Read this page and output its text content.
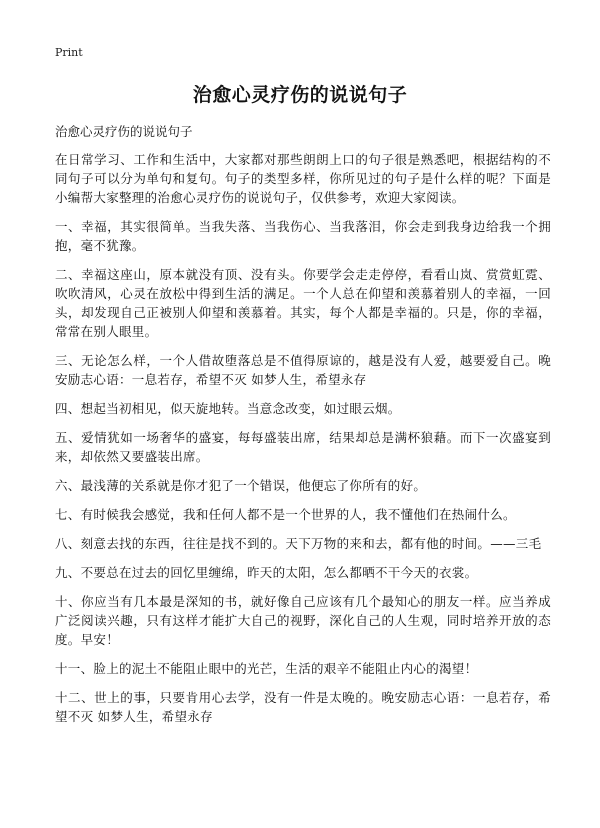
Print
治愈心灵疗伤的说说句子

治愈心灵疗伤的说说句子

在日常学习、工作和生活中，大家都对那些朗朗上口的句子很是熟悉吧，根据结构的不同句子可以分为单句和复句。句子的类型多样，你所见过的句子是什么样的呢？下面是小编帮大家整理的治愈心灵疗伤的说说句子，仅供参考，欢迎大家阅读。

一、幸福，其实很简单。当我失落、当我伤心、当我落泪，你会走到我身边给我一个拥抱，毫不犹豫。

二、幸福这座山，原本就没有顶、没有头。你要学会走走停停，看看山岚、赏赏虹霓、吹吹清风，心灵在放松中得到生活的满足。一个人总在仰望和羡慕着别人的幸福，一回头，却发现自己正被别人仰望和羡慕着。其实，每个人都是幸福的。只是，你的幸福，常常在别人眼里。

三、无论怎么样，一个人借故堕落总是不值得原谅的，越是没有人爱，越要爱自己。晚安励志心语：一息若存，希望不灭 如梦人生，希望永存

四、想起当初相见，似天旋地转。当意念改变，如过眼云烟。

五、爱情犹如一场奢华的盛宴，每每盛装出席，结果却总是满杯狼藉。而下一次盛宴到来，却依然又要盛装出席。

六、最浅薄的关系就是你才犯了一个错误，他便忘了你所有的好。

七、有时候我会感觉，我和任何人都不是一个世界的人，我不懂他们在热闹什么。

八、刻意去找的东西，往往是找不到的。天下万物的来和去，都有他的时间。——三毛

九、不要总在过去的回忆里缠绵，昨天的太阳，怎么都晒不干今天的衣裳。

十、你应当有几本最是深知的书，就好像自己应该有几个最知心的朋友一样。应当养成广泛阅读兴趣，只有这样才能扩大自己的视野，深化自己的人生观，同时培养开放的态度。早安！

十一、脸上的泥土不能阻止眼中的光芒，生活的艰辛不能阻止内心的渴望！

十二、世上的事，只要肯用心去学，没有一件是太晚的。晚安励志心语：一息若存，希望不灭 如梦人生，希望永存
